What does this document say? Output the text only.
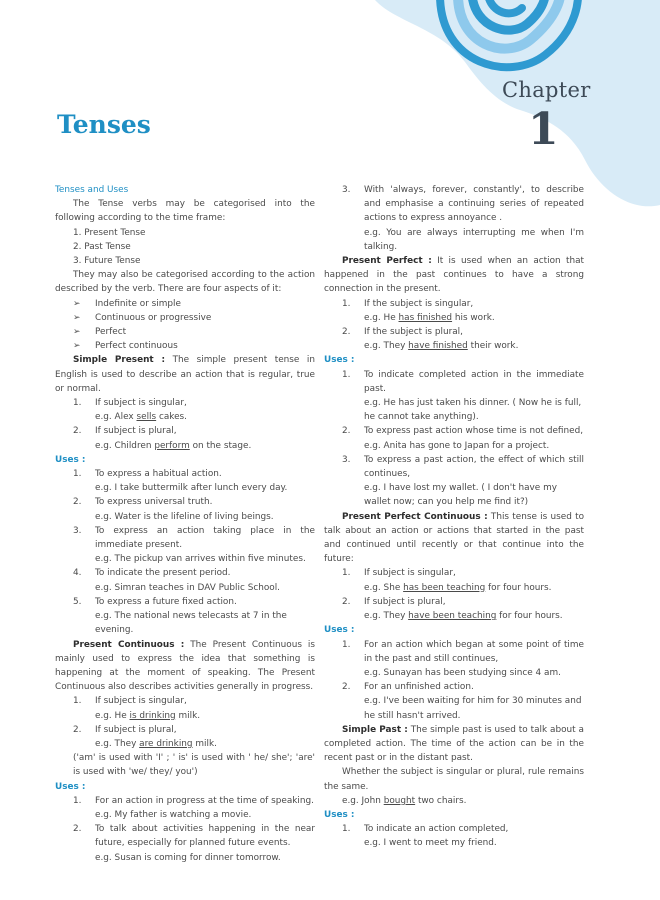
Chapter
1
Tenses

Tenses and Uses

The Tense verbs may be categorised into the following according to the time frame:

1. Present Tense
2. Past Tense
3. Future Tense

They may also be categorised according to the action described by the verb. There are four aspects of it:

➢	Indefinite or simple
➢	Continuous or progressive
➢	Perfect
➢	Perfect continuous

Simple Present : The simple present tense in English is used to describe an action that is regular, true or normal.

1.	If subject is singular,
e.g. Alex sells cakes.
2.	If subject is plural,
e.g. Children perform on the stage.

Uses :

1.	To express a habitual action.
e.g. I take buttermilk after lunch every day.
2.	To express universal truth.
e.g. Water is the lifeline of living beings.
3.	To express an action taking place in the immediate present.
e.g. The pickup van arrives within five minutes.
4.	To indicate the present period.
e.g. Simran teaches in DAV Public School.
5.	To express a future fixed action.
e.g. The national news telecasts at 7 in the evening.

Present Continuous : The Present Continuous is mainly used to express the idea that something is happening at the moment of speaking. The Present Continuous also describes activities generally in progress.

1.	If subject is singular,
e.g. He is drinking milk.
2.	If subject is plural,
e.g. They are drinking milk.
('am' is used with 'I' ; ' is' is used with ' he/ she'; 'are' is used with 'we/ they/ you')

Uses :

1.	For an action in progress at the time of speaking.
e.g. My father is watching a movie.
2.	To talk about activities happening in the near future, especially for planned future events.
e.g. Susan is coming for dinner tomorrow.
3.	With 'always, forever, constantly', to describe and emphasise a continuing series of repeated actions to express annoyance .
e.g. You are always interrupting me when I'm talking.

Present Perfect : It is used when an action that happened in the past continues to have a strong connection in the present.

1.	If the subject is singular,
e.g. He has finished his work.
2.	If the subject is plural,
e.g. They have finished their work.

Uses :

1.	To indicate completed action in the immediate past.
e.g. He has just taken his dinner. ( Now he is full, he cannot take anything).
2.	To express past action whose time is not defined,
e.g. Anita has gone to Japan for a project.
3.	To express a past action, the effect of which still continues,
e.g. I have lost my wallet. ( I don't have my wallet now; can you help me find it?)

Present Perfect Continuous : This tense is used to talk about an action or actions that started in the past and continued until recently or that continue into the future:

1.	If subject is singular,
e.g. She has been teaching for four hours.
2.	If subject is plural,
e.g. They have been teaching for four hours.

Uses :

1.	For an action which began at some point of time in the past and still continues,
e.g. Sunayan has been studying since 4 am.
2.	For an unfinished action.
e.g. I've been waiting for him for 30 minutes and he still hasn't arrived.

Simple Past : The simple past is used to talk about a completed action. The time of the action can be in the recent past or in the distant past.

Whether the subject is singular or plural, rule remains the same.

e.g. John bought two chairs.

Uses :

1.	To indicate an action completed,
e.g. I went to meet my friend.
